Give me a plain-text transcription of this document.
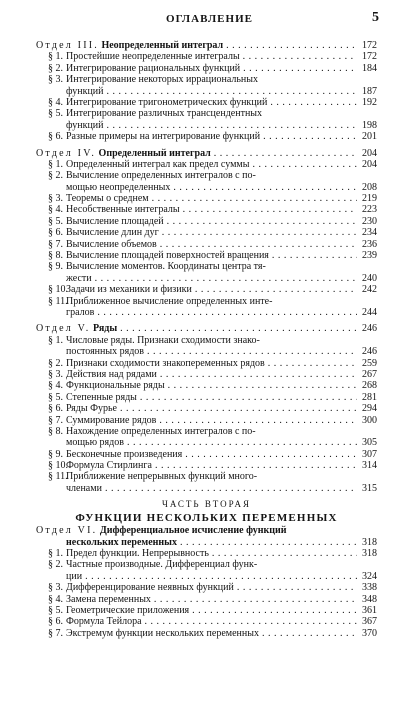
ОГЛАВЛЕНИЕ	5
Отдел III. Неопределенный интеграл . . .	172
§ 1. Простейшие неопределенные интегралы . . .	172
§ 2. Интегрирование рациональных функций . . .	184
§ 3. Интегрирование некоторых иррациональных
функций . . .	187
§ 4. Интегрирование тригонометрических функций . . .	192
§ 5. Интегрирование различных трансцендентных
функций . . .	198
§ 6. Разные примеры на интегрирование функций . . .	201
Отдел IV. Определенный интеграл . . .	204
§ 1. Определенный интеграл как предел суммы . . .	204
§ 2. Вычисление определенных интегралов с по-
мощью неопределенных . . .	208
§ 3. Теоремы о среднем . . .	219
§ 4. Несобственные интегралы . . .	223
§ 5. Вычисление площадей . . .	230
§ 6. Вычисление длин дуг . . .	234
§ 7. Вычисление объемов . . .	236
§ 8. Вычисление площадей поверхностей вращения . . .	239
§ 9. Вычисление моментов. Координаты центра тя-
жести . . .	240
§ 10.Задачи из механики и физики . . .	242
§ 11.Приближенное вычисление определенных инте-
гралов . . .	244
Отдел V. Ряды . . .	246
§ 1. Числовые ряды. Признаки сходимости знако-
постоянных рядов . . .	246
§ 2. Признаки сходимости знакопеременных рядов . . .	259
§ 3. Действия над рядами . . .	267
§ 4. Функциональные ряды . . .	268
§ 5. Степенные ряды . . .	281
§ 6. Ряды Фурье . . .	294
§ 7. Суммирование рядов . . .	300
§ 8. Нахождение определенных интегралов с по-
мощью рядов . . .	305
§ 9. Бесконечные произведения . . .	307
§ 10.Формула Стирлинга . . .	314
§ 11.Приближение непрерывных функций много-
членами . . .	315
ЧАСТЬ ВТОРАЯ
ФУНКЦИИ НЕСКОЛЬКИХ ПЕРЕМЕННЫХ
Отдел VI. Дифференциальное исчисление функций
нескольких переменных . . .	318
§ 1. Предел функции. Непрерывность . . .	318
§ 2. Частные производные. Дифференциал функ-
ции . . .	324
§ 3. Дифференцирование неявных функций . . .	338
§ 4. Замена переменных . . .	348
§ 5. Геометрические приложения . . .	361
§ 6. Формула Тейлора . . .	367
§ 7. Экстремум функции нескольких переменных . . .	370
